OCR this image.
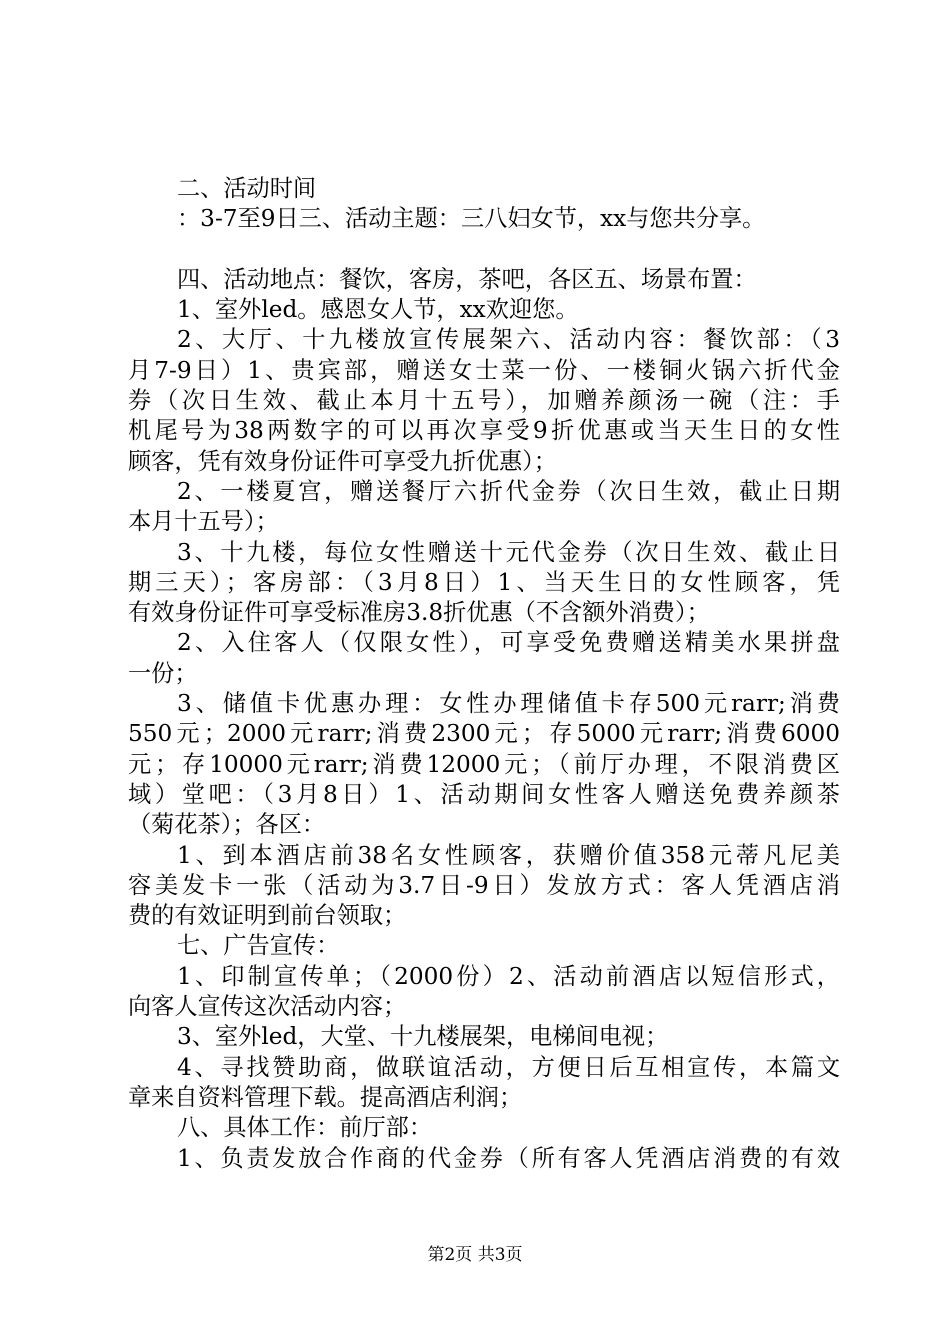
二、活动时间
：3-7至9日三、活动主题：三八妇女节，xx与您共分享。
四、活动地点：餐饮，客房，茶吧，各区五、场景布置：
1、室外led。感恩女人节，xx欢迎您。
2、大厅、十九楼放宣传展架六、活动内容：餐饮部：（3
月7-9日）1、贵宾部，赠送女士菜一份、一楼铜火锅六折代金
券（次日生效、截止本月十五号），加赠养颜汤一碗（注：手
机尾号为38两数字的可以再次享受9折优惠或当天生日的女性
顾客，凭有效身份证件可享受九折优惠）；
2、一楼夏宫，赠送餐厅六折代金券（次日生效，截止日期
本月十五号）；
3、十九楼，每位女性赠送十元代金券（次日生效、截止日
期三天）；客房部：（3月8日）1、当天生日的女性顾客，凭
有效身份证件可享受标准房3.8折优惠（不含额外消费）；
2、入住客人（仅限女性），可享受免费赠送精美水果拼盘
一份；
3、储值卡优惠办理：女性办理储值卡存500元rarr;消费
550元；2000元rarr;消费2300元；存5000元rarr;消费6000
元；存10000元rarr;消费12000元；（前厅办理，不限消费区
域）堂吧：（3月8日）1、活动期间女性客人赠送免费养颜茶
（菊花茶）；各区：
1、到本酒店前38名女性顾客，获赠价值358元蒂凡尼美
容美发卡一张（活动为3.7日-9日）发放方式：客人凭酒店消
费的有效证明到前台领取；
七、广告宣传：
1、印制宣传单；（2000份）2、活动前酒店以短信形式，
向客人宣传这次活动内容；
3、室外led，大堂、十九楼展架，电梯间电视；
4、寻找赞助商，做联谊活动，方便日后互相宣传，本篇文
章来自资料管理下载。提高酒店利润；
八、具体工作：前厅部：
1、负责发放合作商的代金券（所有客人凭酒店消费的有效
第2页 共3页
